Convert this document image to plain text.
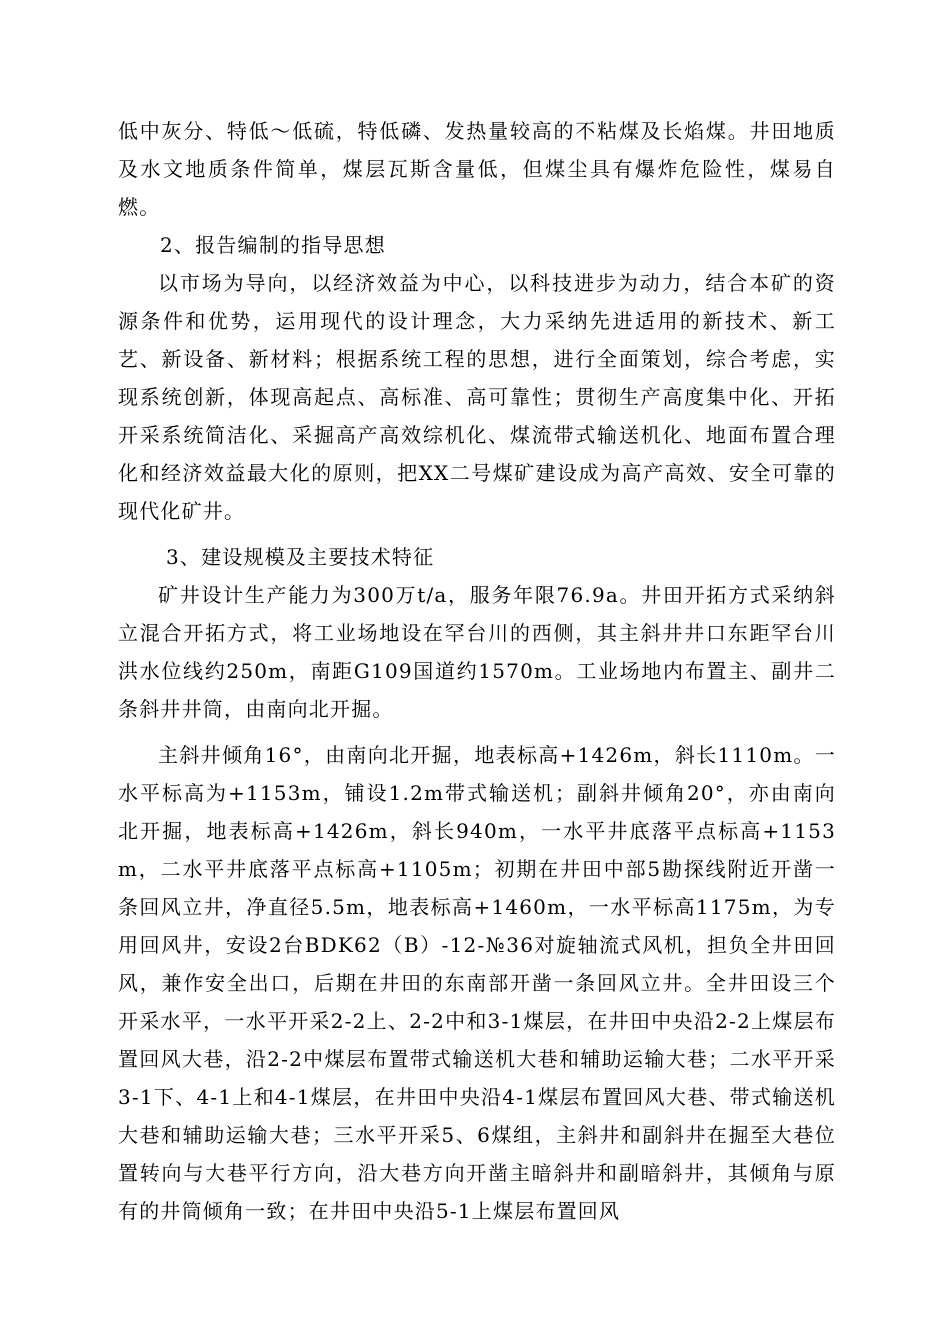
低中灰分、特低～低硫，特低磷、发热量较高的不粘煤及长焰煤。井田地质及水文地质条件简单，煤层瓦斯含量低，但煤尘具有爆炸危险性，煤易自燃。

2、报告编制的指导思想

以市场为导向，以经济效益为中心，以科技进步为动力，结合本矿的资源条件和优势，运用现代的设计理念，大力采纳先进适用的新技术、新工艺、新设备、新材料；根据系统工程的思想，进行全面策划，综合考虑，实现系统创新，体现高起点、高标准、高可靠性；贯彻生产高度集中化、开拓开采系统简洁化、采掘高产高效综机化、煤流带式输送机化、地面布置合理化和经济效益最大化的原则，把XX二号煤矿建设成为高产高效、安全可靠的现代化矿井。

3、建设规模及主要技术特征

矿井设计生产能力为300万t/a，服务年限76.9a。井田开拓方式采纳斜立混合开拓方式，将工业场地设在罕台川的西侧，其主斜井井口东距罕台川洪水位线约250m，南距G109国道约1570m。工业场地内布置主、副井二条斜井井筒，由南向北开掘。

主斜井倾角16°，由南向北开掘，地表标高+1426m，斜长1110m。一水平标高为+1153m，铺设1.2m带式输送机；副斜井倾角20°，亦由南向北开掘，地表标高+1426m，斜长940m，一水平井底落平点标高+1153m，二水平井底落平点标高+1105m；初期在井田中部5勘探线附近开凿一条回风立井，净直径5.5m，地表标高+1460m，一水平标高1175m，为专用回风井，安设2台BDK62（B）-12-№36对旋轴流式风机，担负全井田回风，兼作安全出口，后期在井田的东南部开凿一条回风立井。全井田设三个开采水平，一水平开采2-2上、2-2中和3-1煤层，在井田中央沿2-2上煤层布置回风大巷，沿2-2中煤层布置带式输送机大巷和辅助运输大巷；二水平开采3-1下、4-1上和4-1煤层，在井田中央沿4-1煤层布置回风大巷、带式输送机大巷和辅助运输大巷；三水平开采5、6煤组，主斜井和副斜井在掘至大巷位置转向与大巷平行方向，沿大巷方向开凿主暗斜井和副暗斜井，其倾角与原有的井筒倾角一致；在井田中央沿5-1上煤层布置回风
